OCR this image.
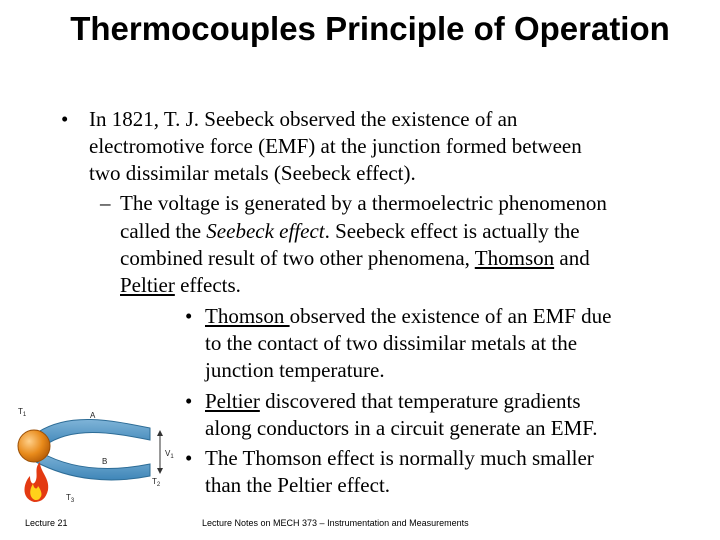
Thermocouples Principle of Operation
• In 1821, T. J. Seebeck observed the existence of an
electromotive force (EMF) at the junction formed between
two dissimilar metals (Seebeck effect).
– The voltage is generated by a thermoelectric phenomenon
called the Seebeck effect. Seebeck effect is actually the
combined result of two other phenomena, Thomson and
Peltier effects.
• Thomson observed the existence of an EMF due
to the contact of two dissimilar metals at the
junction temperature.
• Peltier discovered that temperature gradients
along conductors in a circuit generate an EMF.
• The Thomson effect is normally much smaller
than the Peltier effect.
$T_1$	A
$V_1$
B
$T_2$
$T_3$
Lecture 21	Lecture Notes on MECH 373 – Instrumentation and Measurements
